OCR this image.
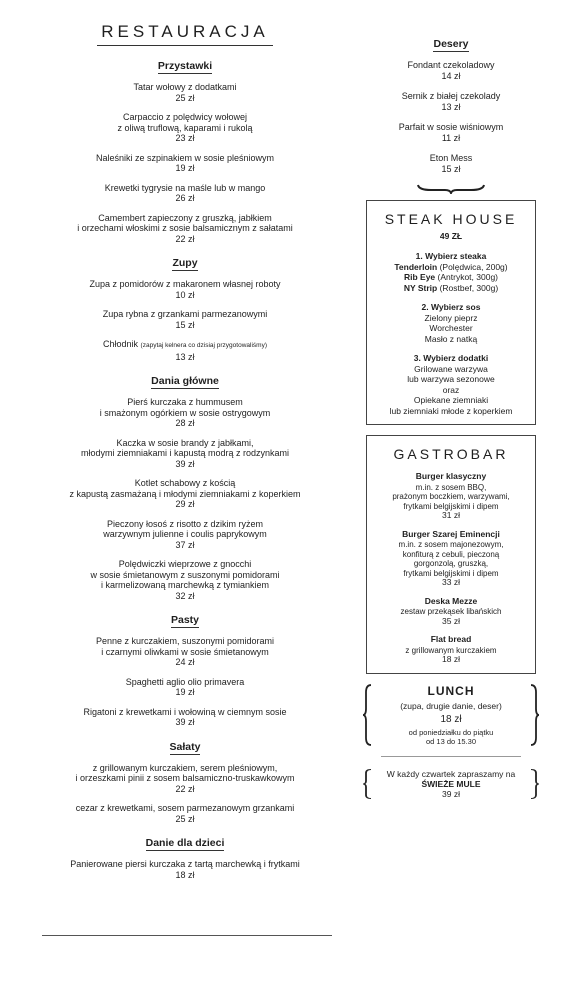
RESTAURACJA
Przystawki
Tatar wołowy z dodatkami
25 zł
Carpaccio z polędwicy wołowej
z oliwą truflową, kaparami i rukolą
23 zł
Naleśniki ze szpinakiem w sosie pleśniowym
19 zł
Krewetki tygrysie na maśle lub w mango
26 zł
Camembert zapieczony z gruszką, jabłkiem
i orzechami włoskimi z sosie balsamicznym z sałatami
22 zł
Zupy
Zupa z pomidorów z makaronem własnej roboty
10 zł
Zupa rybna z grzankami parmezanowymi
15 zł
Chłodnik (zapytaj kelnera co dzisiaj przygotowaliśmy)
13 zł
Dania główne
Pierś kurczaka z hummusem
i smażonym ogórkiem w sosie ostrygowym
28 zł
Kaczka w sosie brandy z jabłkami,
młodymi ziemniakami i kapustą modrą z rodzynkami
39 zł
Kotlet schabowy z kością
z kapustą zasmażaną i młodymi ziemniakami z koperkiem
29 zł
Pieczony łosoś z risotto z dzikim ryżem
warzywnym julienne i coulis paprykowym
37 zł
Polędwiczki wieprzowe z gnocchi
w sosie śmietanowym z suszonymi pomidorami
i karmelizowaną marchewką z tymiankiem
32 zł
Pasty
Penne z kurczakiem, suszonymi pomidorami
i czarnymi oliwkami w sosie śmietanowym
24 zł
Spaghetti aglio olio primavera
19 zł
Rigatoni z krewetkami i wołowiną w ciemnym sosie
39 zł
Sałaty
z grillowanym kurczakiem, serem pleśniowym,
i orzeszkami pinii z sosem balsamiczno-truskawkowym
22 zł
cezar z krewetkami, sosem parmezanowym grzankami
25 zł
Danie dla dzieci
Panierowane piersi kurczaka z tartą marchewką i frytkami
18 zł
Desery
Fondant czekoladowy
14 zł
Sernik z białej czekolady
13 zł
Parfait w sosie wiśniowym
11 zł
Eton Mess
15 zł
STEAK HOUSE
49 ZŁ
1. Wybierz steaka
Tenderloin (Polędwica, 200g)
Rib Eye (Antrykot, 300g)
NY Strip (Rostbef, 300g)
2. Wybierz sos
Zielony pieprz
Worchester
Masło z natką
3. Wybierz dodatki
Grilowane warzywa
lub warzywa sezonowe
oraz
Opiekane ziemniaki
lub ziemniaki młode z koperkiem
GASTROBAR
Burger klasyczny
m.in. z sosem BBQ,
prażonym boczkiem, warzywami,
frytkami belgijskimi i dipem
31 zł
Burger Szarej Eminencji
m.in. z sosem majonezowym,
konfiturą z cebuli, pieczoną
gorgonzolą, gruszką,
frytkami belgijskimi i dipem
33 zł
Deska Mezze
zestaw przekąsek libańskich
35 zł
Flat bread
z grillowanym kurczakiem
18 zł
LUNCH
(zupa, drugie danie, deser)
18 zł
od poniedziałku do piątku
od 13 do 15.30
W każdy czwartek zapraszamy na
ŚWIEŻE MULE
39 zł
